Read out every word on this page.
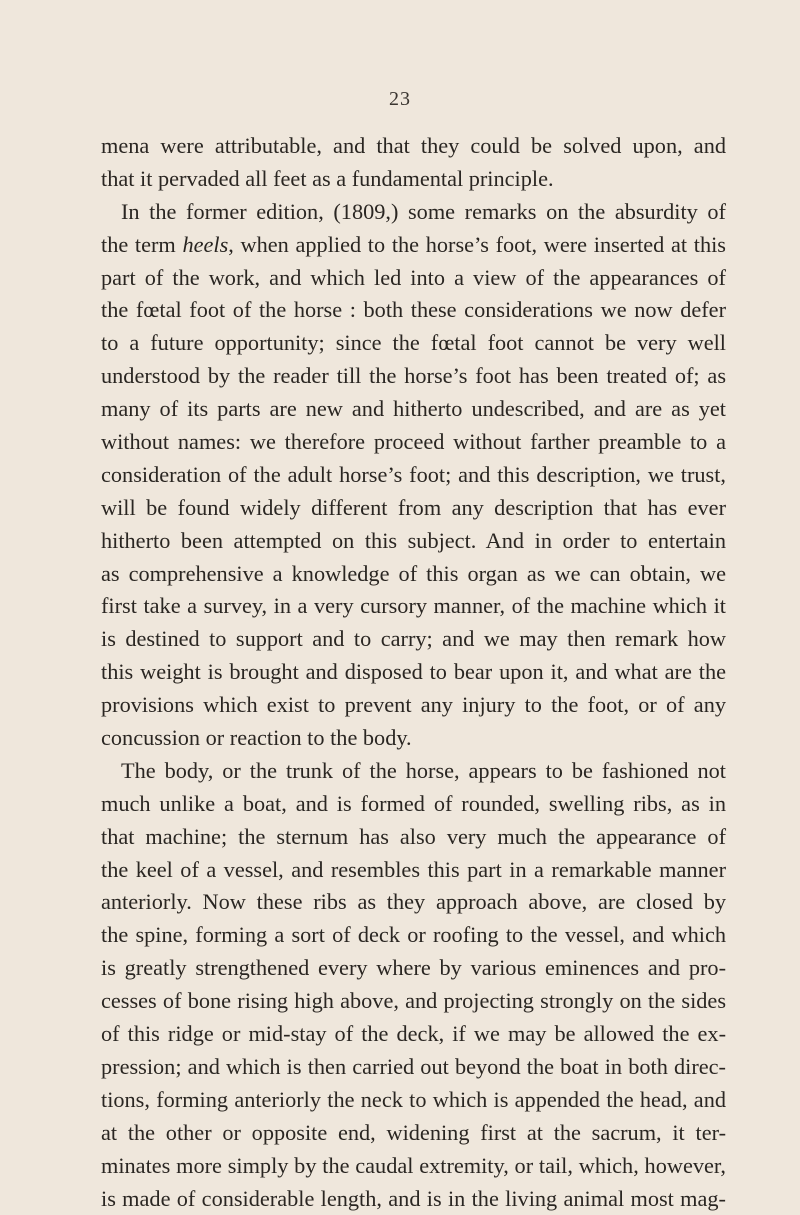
23
mena were attributable, and that they could be solved upon, and
that it pervaded all feet as a fundamental principle.
In the former edition, (1809,) some remarks on the absurdity of
the term heels, when applied to the horse’s foot, were inserted at this
part of the work, and which led into a view of the appearances of
the fœtal foot of the horse : both these considerations we now defer
to a future opportunity; since the fœtal foot cannot be very well
understood by the reader till the horse’s foot has been treated of; as
many of its parts are new and hitherto undescribed, and are as yet
without names: we therefore proceed without farther preamble to a
consideration of the adult horse’s foot; and this description, we trust,
will be found widely different from any description that has ever
hitherto been attempted on this subject. And in order to entertain
as comprehensive a knowledge of this organ as we can obtain, we
first take a survey, in a very cursory manner, of the machine which it
is destined to support and to carry; and we may then remark how
this weight is brought and disposed to bear upon it, and what are the
provisions which exist to prevent any injury to the foot, or of any
concussion or reaction to the body.
The body, or the trunk of the horse, appears to be fashioned not
much unlike a boat, and is formed of rounded, swelling ribs, as in
that machine; the sternum has also very much the appearance of
the keel of a vessel, and resembles this part in a remarkable manner
anteriorly. Now these ribs as they approach above, are closed by
the spine, forming a sort of deck or roofing to the vessel, and which
is greatly strengthened every where by various eminences and pro-
cesses of bone rising high above, and projecting strongly on the sides
of this ridge or mid-stay of the deck, if we may be allowed the ex-
pression; and which is then carried out beyond the boat in both direc-
tions, forming anteriorly the neck to which is appended the head, and
at the other or opposite end, widening first at the sacrum, it ter-
minates more simply by the caudal extremity, or tail, which, however,
is made of considerable length, and is in the living animal most mag-
